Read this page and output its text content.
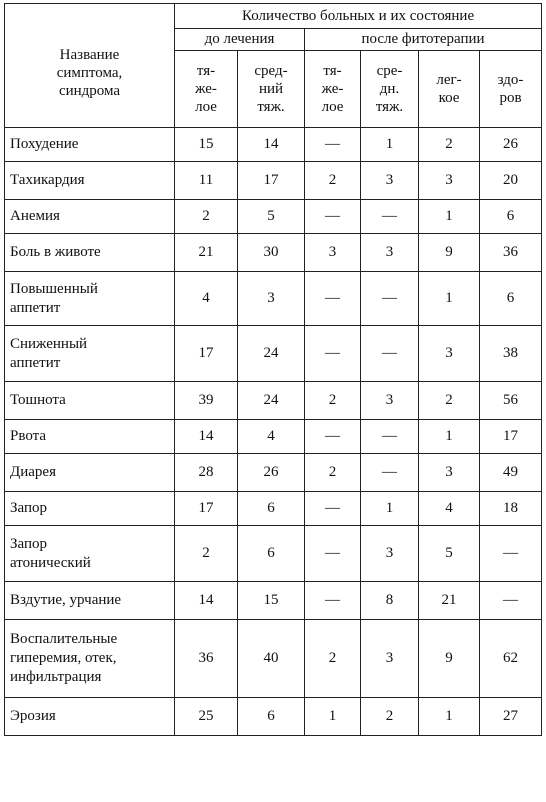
Название
симптома,
синдрома	Количество больных и их состояние					
	до лечения		после фитотерапии			

	тя-
же-
лое	сред-
ний
тяж.	тя-
же-
лое	сре-
дн.
тяж.	лег-
кое	здо-
ров

Похудение	15	14	—	1	2	26

Тахикардия	11	17	2	3	3	20

Анемия	2	5	—	—	1	6

Боль в животе	21	30	3	3	9	36

Повышенный
аппетит	4	3	—	—	1	6

Сниженный
аппетит	17	24	—	—	3	38

Тошнота	39	24	2	3	2	56

Рвота	14	4	—	—	1	17

Диарея	28	26	2	—	3	49

Запор	17	6	—	1	4	18

Запор
атонический	2	6	—	3	5	—

Вздутие, урчание	14	15	—	8	21	—

Воспалительные
гиперемия, отек,
инфильтрация	36	40	2	3	9	62

Эрозия	25	6	1	2	1	27
